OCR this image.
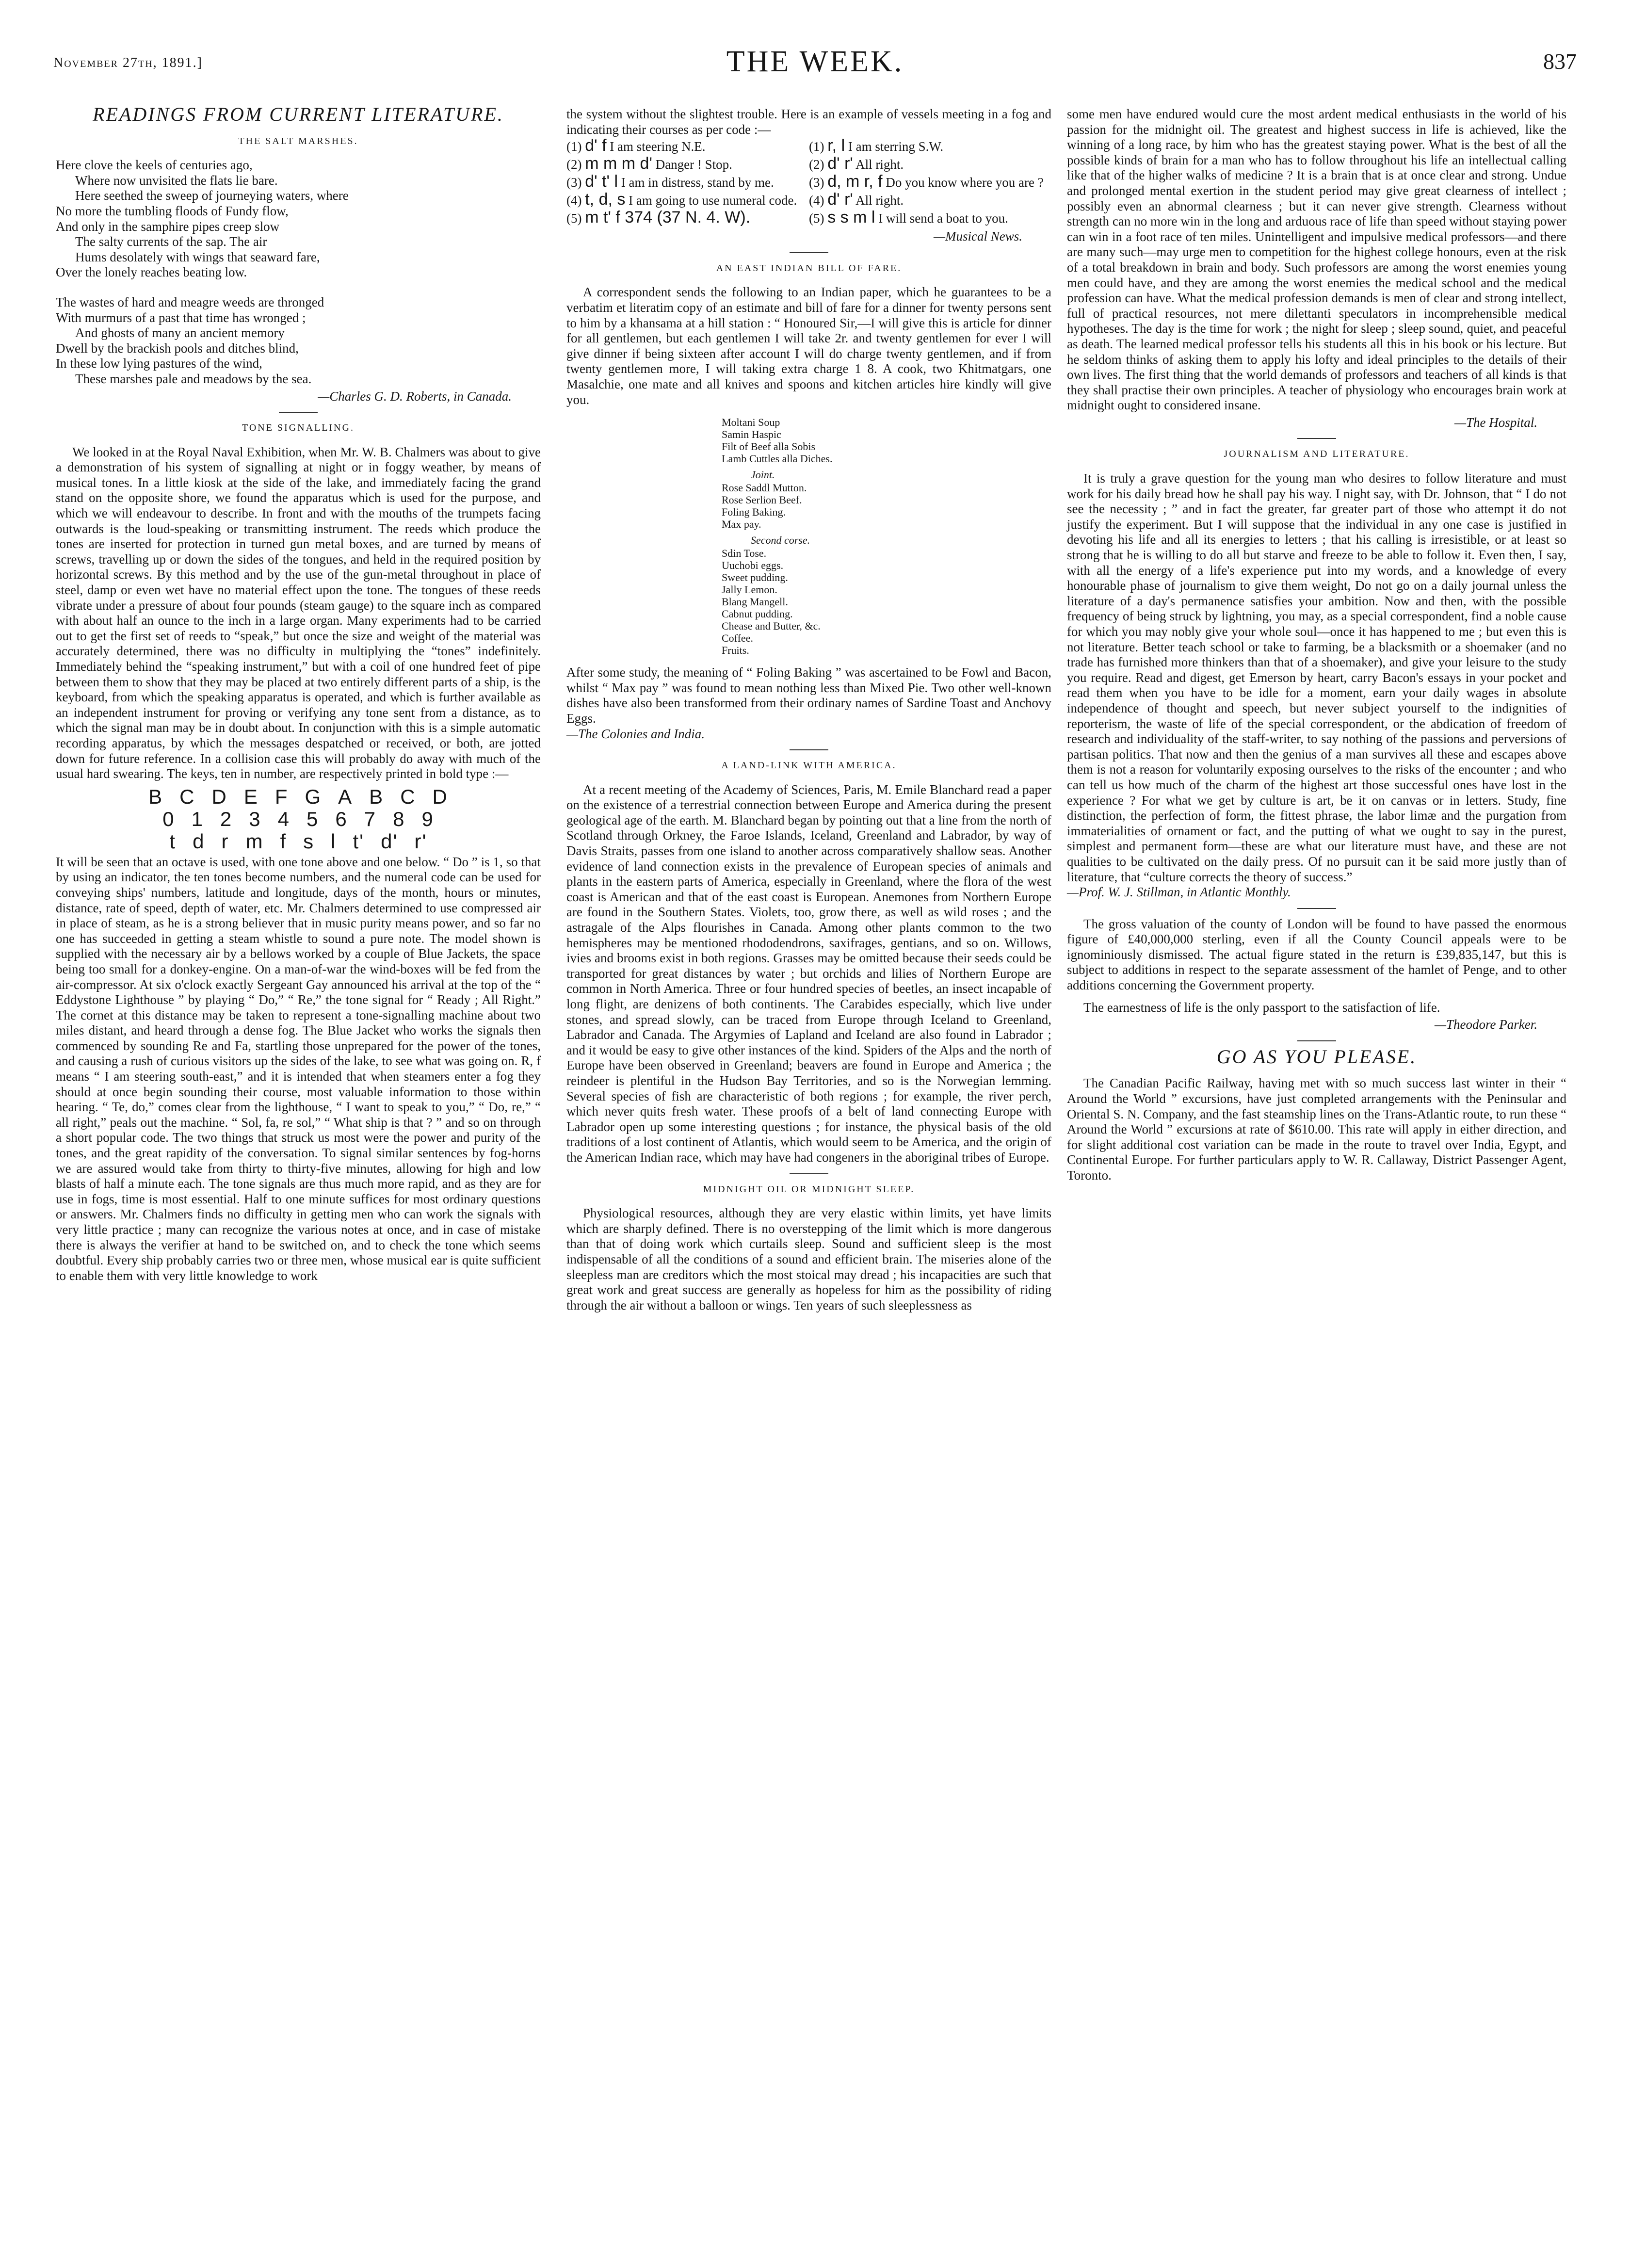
November 27th, 1891.]	THE WEEK.	837
READINGS FROM CURRENT LITERATURE.
THE SALT MARSHES.
Here clove the keels of centuries ago,
Where now unvisited the flats lie bare.
Here seethed the sweep of journeying waters, where
No more the tumbling floods of Fundy flow,
And only in the samphire pipes creep slow
The salty currents of the sap. The air
Hums desolately with wings that seaward fare,
Over the lonely reaches beating low.
The wastes of hard and meagre weeds are thronged
With murmurs of a past that time has wronged ;
And ghosts of many an ancient memory
Dwell by the brackish pools and ditches blind,
In these low lying pastures of the wind,
These marshes pale and meadows by the sea.
—Charles G. D. Roberts, in Canada.
TONE SIGNALLING.

We looked in at the Royal Naval Exhibition, when Mr. W. B. Chalmers was about to give a demonstration of his system of signalling at night or in foggy weather, by means of musical tones. In a little kiosk at the side of the lake, and immediately facing the grand stand on the opposite shore, we found the apparatus which is used for the purpose, and which we will endeavour to describe. In front and with the mouths of the trumpets facing outwards is the loud-speaking or transmitting instrument. The reeds which produce the tones are inserted for protection in turned gun metal boxes, and are turned by means of screws, travelling up or down the sides of the tongues, and held in the required position by horizontal screws. By this method and by the use of the gun-metal throughout in place of steel, damp or even wet have no material effect upon the tone. The tongues of these reeds vibrate under a pressure of about four pounds (steam gauge) to the square inch as compared with about half an ounce to the inch in a large organ. Many experiments had to be carried out to get the first set of reeds to “speak,” but once the size and weight of the material was accurately determined, there was no difficulty in multiplying the “tones” indefinitely. Immediately behind the “speaking instrument,” but with a coil of one hundred feet of pipe between them to show that they may be placed at two entirely different parts of a ship, is the keyboard, from which the speaking apparatus is operated, and which is further available as an independent instrument for proving or verifying any tone sent from a distance, as to which the signal man may be in doubt about. In conjunction with this is a simple automatic recording apparatus, by which the messages despatched or received, or both, are jotted down for future reference. In a collision case this will probably do away with much of the usual hard swearing. The keys, ten in number, are respectively printed in bold type :—

B C D E F G A B C D
0 1 2 3 4 5 6 7 8 9
t d r m f s l t' d' r'

It will be seen that an octave is used, with one tone above and one below. “ Do ” is 1, so that by using an indicator, the ten tones become numbers, and the numeral code can be used for conveying ships' numbers, latitude and longitude, days of the month, hours or minutes, distance, rate of speed, depth of water, etc. Mr. Chalmers determined to use compressed air in place of steam, as he is a strong believer that in music purity means power, and so far no one has succeeded in getting a steam whistle to sound a pure note. The model shown is supplied with the necessary air by a bellows worked by a couple of Blue Jackets, the space being too small for a donkey-engine. On a man-of-war the wind-boxes will be fed from the air-compressor. At six o'clock exactly Sergeant Gay announced his arrival at the top of the “ Eddystone Lighthouse ” by playing “ Do,” “ Re,” the tone signal for “ Ready ; All Right.” The cornet at this distance may be taken to represent a tone-signalling machine about two miles distant, and heard through a dense fog. The Blue Jacket who works the signals then commenced by sounding Re and Fa, startling those unprepared for the power of the tones, and causing a rush of curious visitors up the sides of the lake, to see what was going on. R, f means “ I am steering south-east,” and it is intended that when steamers enter a fog they should at once begin sounding their course, most valuable information to those within hearing. “ Te, do,” comes clear from the lighthouse, “ I want to speak to you,” “ Do, re,” “ all right,” peals out the machine. “ Sol, fa, re sol,” “ What ship is that ? ” and so on through a short popular code. The two things that struck us most were the power and purity of the tones, and the great rapidity of the conversation. To signal similar sentences by fog-horns we are assured would take from thirty to thirty-five minutes, allowing for high and low blasts of half a minute each. The tone signals are thus much more rapid, and as they are for use in fogs, time is most essential. Half to one minute suffices for most ordinary questions or answers. Mr. Chalmers finds no difficulty in getting men who can work the signals with very little practice ; many can recognize the various notes at once, and in case of mistake there is always the verifier at hand to be switched on, and to check the tone which seems doubtful. Every ship probably carries two or three men, whose musical ear is quite sufficient to enable them with very little knowledge to work

the system without the slightest trouble. Here is an example of vessels meeting in a fog and indicating their courses as per code :—

(1) d' f I am steering N.E.	(1) r, l I am sterring S.W.
(2) m m m d' Danger ! Stop.	(2) d' r' All right.
(3) d' t' l I am in distress, stand by me.	(3) d, m r, f Do you know where you are ?
(4) t, d, s I am going to use numeral code.	(4) d' r' All right.
(5) m t' f 374 (37 N. 4. W).	(5) s s m l I will send a boat to you.
—Musical News.
AN EAST INDIAN BILL OF FARE.

A correspondent sends the following to an Indian paper, which he guarantees to be a verbatim et literatim copy of an estimate and bill of fare for a dinner for twenty persons sent to him by a khansama at a hill station : “ Honoured Sir,—I will give this is article for dinner for all gentlemen, but each gentlemen I will take 2r. and twenty gentlemen for ever I will give dinner if being sixteen after account I will do charge twenty gentlemen, and if from twenty gentlemen more, I will taking extra charge 1 8. A cook, two Khitmatgars, one Masalchie, one mate and all knives and spoons and kitchen articles hire kindly will give you.

Moltani Soup
Samin Haspic
Filt of Beef alla Sobis
Lamb Cuttles alla Diches.
Joint.
Rose Saddl Mutton.
Rose Serlion Beef.
Foling Baking.
Max pay.
Second corse.
Sdin Tose.
Uuchobi eggs.
Sweet pudding.
Jally Lemon.
Blang Mangell.
Cabnut pudding.
Chease and Butter, &c.
Coffee.
Fruits.

After some study, the meaning of “ Foling Baking ” was ascertained to be Fowl and Bacon, whilst “ Max pay ” was found to mean nothing less than Mixed Pie. Two other well-known dishes have also been transformed from their ordinary names of Sardine Toast and Anchovy Eggs.

—The Colonies and India.
A LAND-LINK WITH AMERICA.

At a recent meeting of the Academy of Sciences, Paris, M. Emile Blanchard read a paper on the existence of a terrestrial connection between Europe and America during the present geological age of the earth. M. Blanchard began by pointing out that a line from the north of Scotland through Orkney, the Faroe Islands, Iceland, Greenland and Labrador, by way of Davis Straits, passes from one island to another across comparatively shallow seas. Another evidence of land connection exists in the prevalence of European species of animals and plants in the eastern parts of America, especially in Greenland, where the flora of the west coast is American and that of the east coast is European. Anemones from Northern Europe are found in the Southern States. Violets, too, grow there, as well as wild roses ; and the astragale of the Alps flourishes in Canada. Among other plants common to the two hemispheres may be mentioned rhododendrons, saxifrages, gentians, and so on. Willows, ivies and brooms exist in both regions. Grasses may be omitted because their seeds could be transported for great distances by water ; but orchids and lilies of Northern Europe are common in North America. Three or four hundred species of beetles, an insect incapable of long flight, are denizens of both continents. The Carabides especially, which live under stones, and spread slowly, can be traced from Europe through Iceland to Greenland, Labrador and Canada. The Argymies of Lapland and Iceland are also found in Labrador ; and it would be easy to give other instances of the kind. Spiders of the Alps and the north of Europe have been observed in Greenland; beavers are found in Europe and America ; the reindeer is plentiful in the Hudson Bay Territories, and so is the Norwegian lemming. Several species of fish are characteristic of both regions ; for example, the river perch, which never quits fresh water. These proofs of a belt of land connecting Europe with Labrador open up some interesting questions ; for instance, the physical basis of the old traditions of a lost continent of Atlantis, which would seem to be America, and the origin of the American Indian race, which may have had congeners in the aboriginal tribes of Europe.

MIDNIGHT OIL OR MIDNIGHT SLEEP.

Physiological resources, although they are very elastic within limits, yet have limits which are sharply defined. There is no overstepping of the limit which is more dangerous than that of doing work which curtails sleep. Sound and sufficient sleep is the most indispensable of all the conditions of a sound and efficient brain. The miseries alone of the sleepless man are creditors which the most stoical may dread ; his incapacities are such that great work and great success are generally as hopeless for him as the possibility of riding through the air without a balloon or wings. Ten years of such sleeplessness as

some men have endured would cure the most ardent medical enthusiasts in the world of his passion for the midnight oil. The greatest and highest success in life is achieved, like the winning of a long race, by him who has the greatest staying power. What is the best of all the possible kinds of brain for a man who has to follow throughout his life an intellectual calling like that of the higher walks of medicine ? It is a brain that is at once clear and strong. Undue and prolonged mental exertion in the student period may give great clearness of intellect ; possibly even an abnormal clearness ; but it can never give strength. Clearness without strength can no more win in the long and arduous race of life than speed without staying power can win in a foot race of ten miles. Unintelligent and impulsive medical professors—and there are many such—may urge men to competition for the highest college honours, even at the risk of a total breakdown in brain and body. Such professors are among the worst enemies young men could have, and they are among the worst enemies the medical school and the medical profession can have. What the medical profession demands is men of clear and strong intellect, full of practical resources, not mere dilettanti speculators in incomprehensible medical hypotheses. The day is the time for work ; the night for sleep ; sleep sound, quiet, and peaceful as death. The learned medical professor tells his students all this in his book or his lecture. But he seldom thinks of asking them to apply his lofty and ideal principles to the details of their own lives. The first thing that the world demands of professors and teachers of all kinds is that they shall practise their own principles. A teacher of physiology who encourages brain work at midnight ought to considered insane.

—The Hospital.
JOURNALISM AND LITERATURE.

It is truly a grave question for the young man who desires to follow literature and must work for his daily bread how he shall pay his way. I night say, with Dr. Johnson, that “ I do not see the necessity ; ” and in fact the greater, far greater part of those who attempt it do not justify the experiment. But I will suppose that the individual in any one case is justified in devoting his life and all its energies to letters ; that his calling is irresistible, or at least so strong that he is willing to do all but starve and freeze to be able to follow it. Even then, I say, with all the energy of a life's experience put into my words, and a knowledge of every honourable phase of journalism to give them weight, Do not go on a daily journal unless the literature of a day's permanence satisfies your ambition. Now and then, with the possible frequency of being struck by lightning, you may, as a special correspondent, find a noble cause for which you may nobly give your whole soul—once it has happened to me ; but even this is not literature. Better teach school or take to farming, be a blacksmith or a shoemaker (and no trade has furnished more thinkers than that of a shoemaker), and give your leisure to the study you require. Read and digest, get Emerson by heart, carry Bacon's essays in your pocket and read them when you have to be idle for a moment, earn your daily wages in absolute independence of thought and speech, but never subject yourself to the indignities of reporterism, the waste of life of the special correspondent, or the abdication of freedom of research and individuality of the staff-writer, to say nothing of the passions and perversions of partisan politics. That now and then the genius of a man survives all these and escapes above them is not a reason for voluntarily exposing ourselves to the risks of the encounter ; and who can tell us how much of the charm of the highest art those successful ones have lost in the experience ? For what we get by culture is art, be it on canvas or in letters. Study, fine distinction, the perfection of form, the fittest phrase, the labor limæ and the purgation from immaterialities of ornament or fact, and the putting of what we ought to say in the purest, simplest and permanent form—these are what our literature must have, and these are not qualities to be cultivated on the daily press. Of no pursuit can it be said more justly than of literature, that “culture corrects the theory of success.”

—Prof. W. J. Stillman, in Atlantic Monthly.

The gross valuation of the county of London will be found to have passed the enormous figure of £40,000,000 sterling, even if all the County Council appeals were to be ignominiously dismissed. The actual figure stated in the return is £39,835,147, but this is subject to additions in respect to the separate assessment of the hamlet of Penge, and to other additions concerning the Government property.

The earnestness of life is the only passport to the satisfaction of life.

—Theodore Parker.
GO AS YOU PLEASE.

The Canadian Pacific Railway, having met with so much success last winter in their “ Around the World ” excursions, have just completed arrangements with the Peninsular and Oriental S. N. Company, and the fast steamship lines on the Trans-Atlantic route, to run these “ Around the World ” excursions at rate of $610.00. This rate will apply in either direction, and for slight additional cost variation can be made in the route to travel over India, Egypt, and Continental Europe. For further particulars apply to W. R. Callaway, District Passenger Agent, Toronto.
